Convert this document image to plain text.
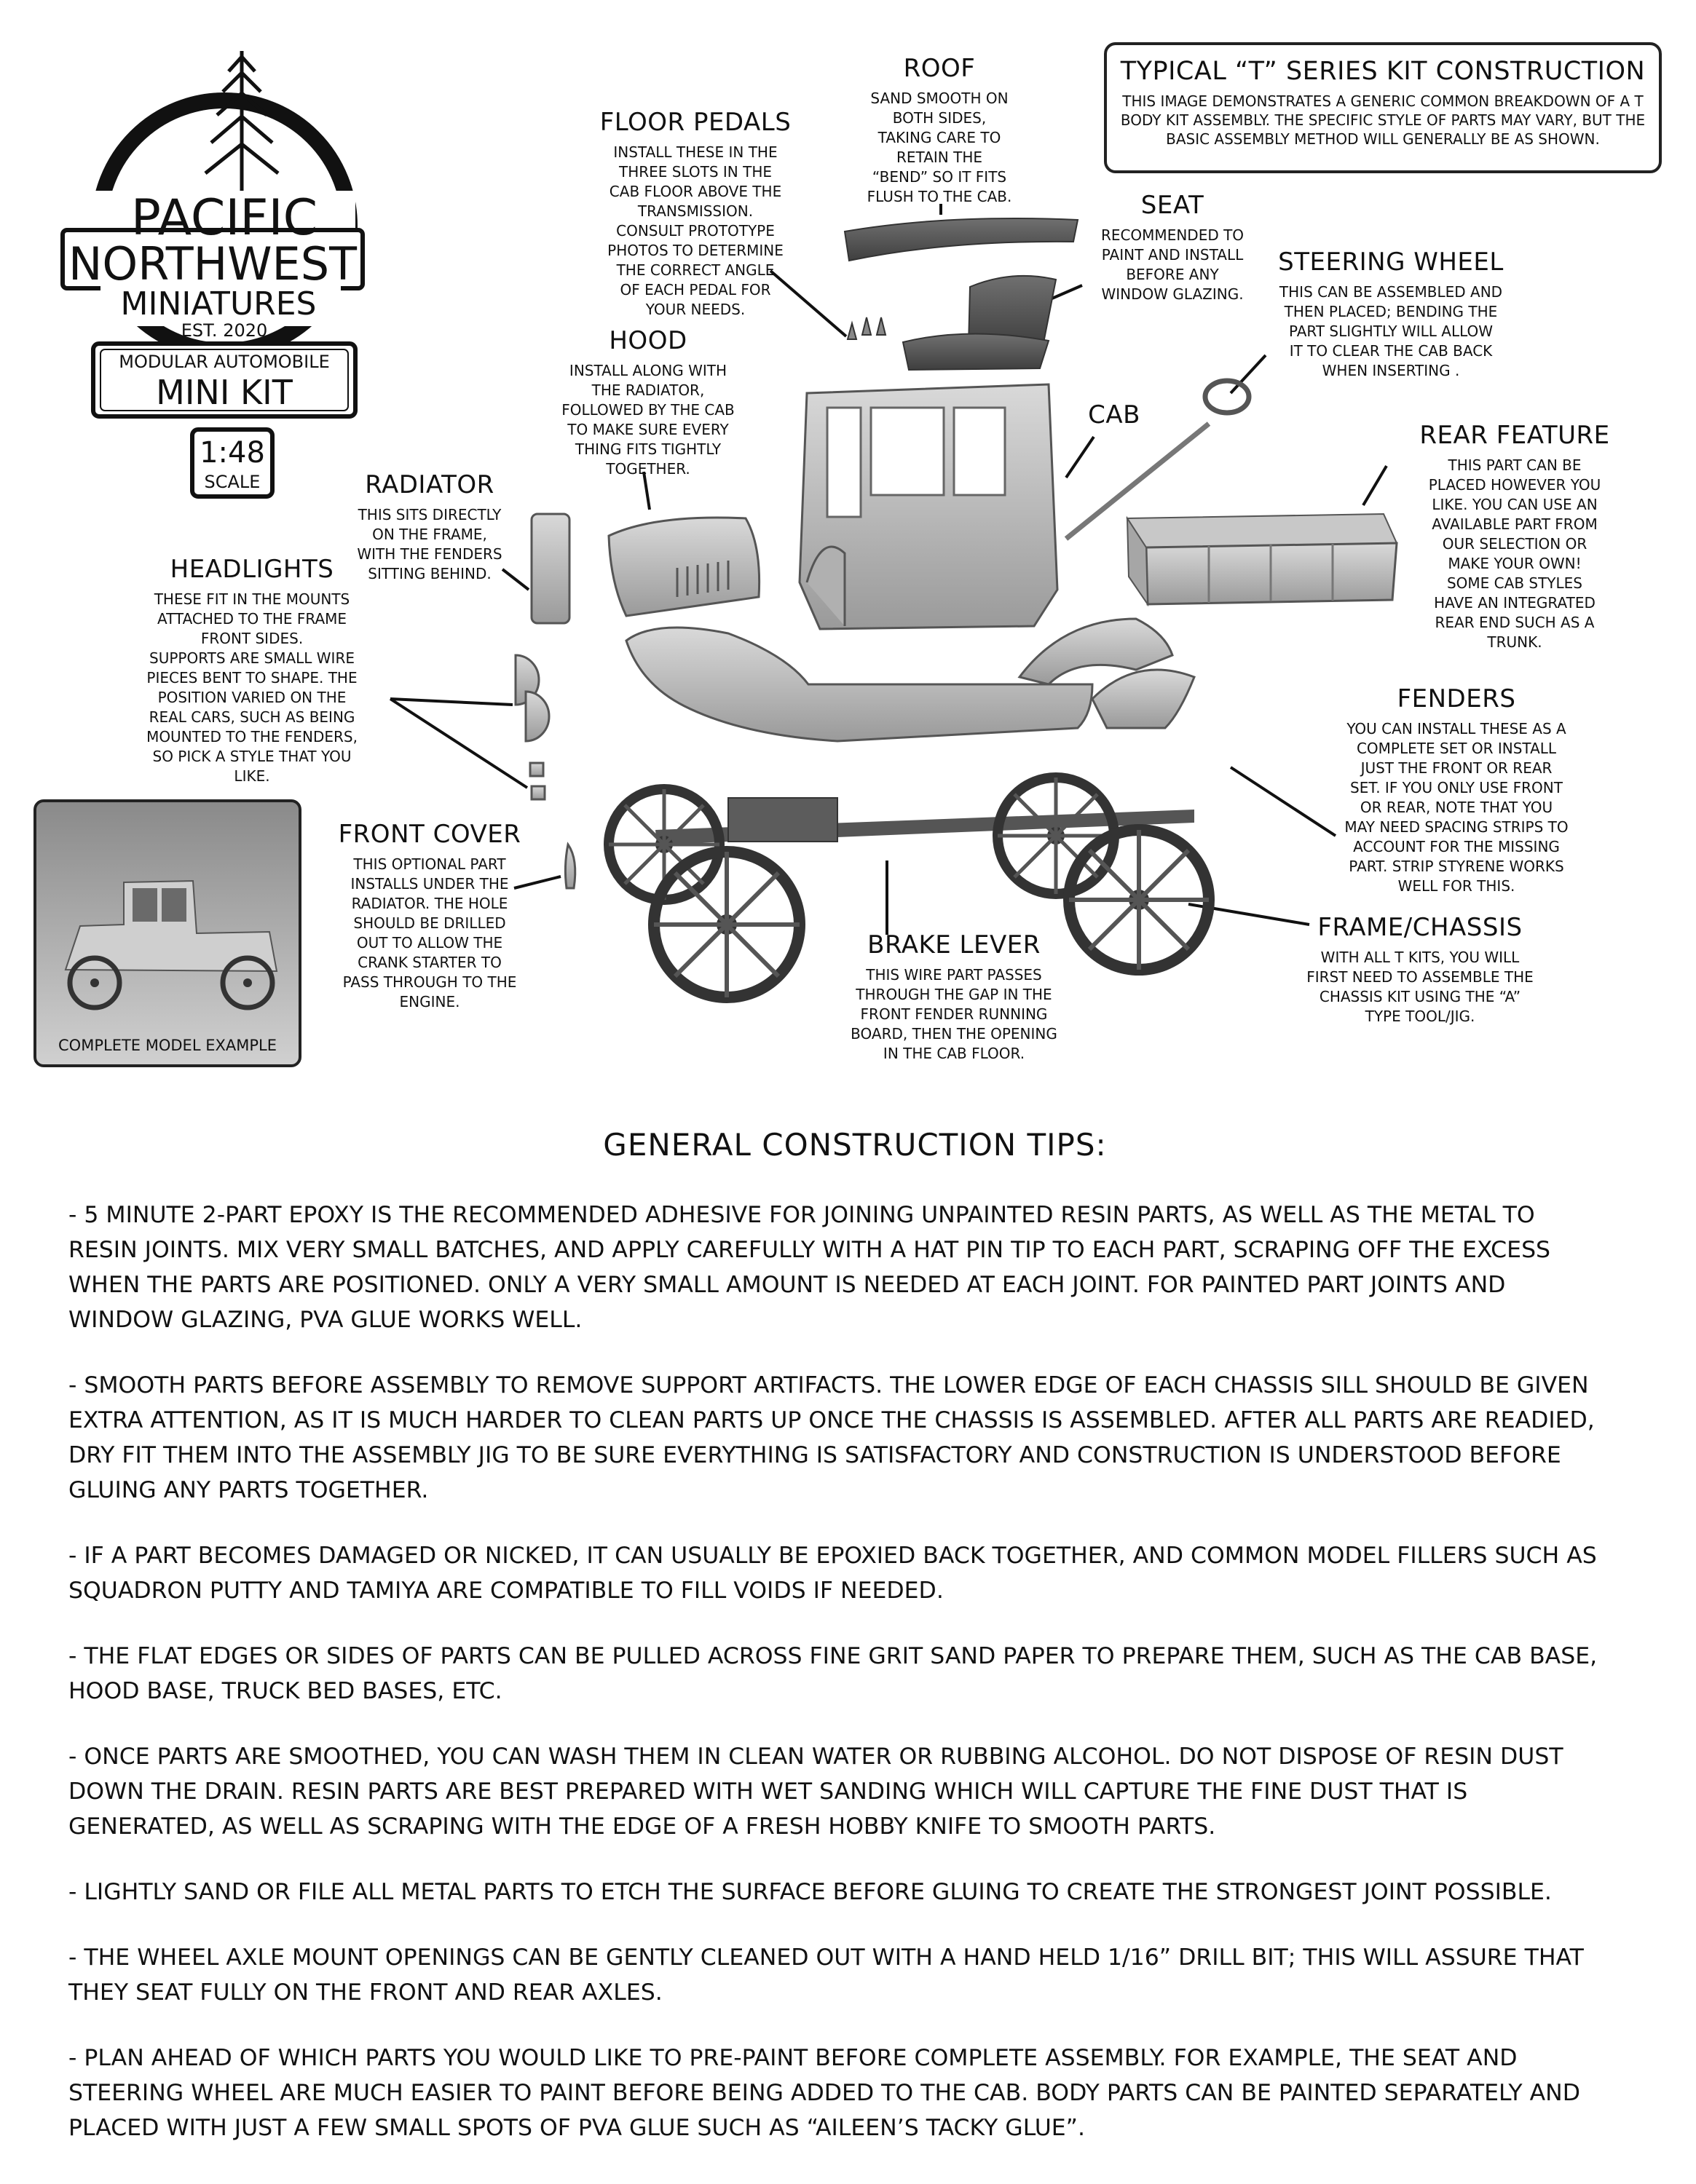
PACIFIC
NORTHWEST
MINIATURES
EST. 2020
MODULAR AUTOMOBILE
MINI KIT
1:48
SCALE
TYPICAL “T” SERIES KIT CONSTRUCTION

THIS IMAGE DEMONSTRATES A GENERIC COMMON BREAKDOWN OF A T
BODY KIT ASSEMBLY. THE SPECIFIC STYLE OF PARTS MAY VARY, BUT THE
BASIC ASSEMBLY METHOD WILL GENERALLY BE AS SHOWN.

COMPLETE MODEL EXAMPLE
ROOF

SAND SMOOTH ON
BOTH SIDES,
TAKING CARE TO
RETAIN THE
“BEND” SO IT FITS
FLUSH TO THE CAB.

FLOOR PEDALS

INSTALL THESE IN THE
THREE SLOTS IN THE
CAB FLOOR ABOVE THE
TRANSMISSION.
CONSULT PROTOTYPE
PHOTOS TO DETERMINE
THE CORRECT ANGLE
OF EACH PEDAL FOR
YOUR NEEDS.

SEAT

RECOMMENDED TO
PAINT AND INSTALL
BEFORE ANY
WINDOW GLAZING.

STEERING WHEEL

THIS CAN BE ASSEMBLED AND
THEN PLACED; BENDING THE
PART SLIGHTLY WILL ALLOW
IT TO CLEAR THE CAB BACK
WHEN INSERTING .

HOOD

INSTALL ALONG WITH
THE RADIATOR,
FOLLOWED BY THE CAB
TO MAKE SURE EVERY
THING FITS TIGHTLY
TOGETHER.

CAB
REAR FEATURE

THIS PART CAN BE
PLACED HOWEVER YOU
LIKE. YOU CAN USE AN
AVAILABLE PART FROM
OUR SELECTION OR
MAKE YOUR OWN!
SOME CAB STYLES
HAVE AN INTEGRATED
REAR END SUCH AS A
TRUNK.

RADIATOR

THIS SITS DIRECTLY
ON THE FRAME,
WITH THE FENDERS
SITTING BEHIND.

HEADLIGHTS

THESE FIT IN THE MOUNTS
ATTACHED TO THE FRAME
FRONT SIDES.
SUPPORTS ARE SMALL WIRE
PIECES BENT TO SHAPE. THE
POSITION VARIED ON THE
REAL CARS, SUCH AS BEING
MOUNTED TO THE FENDERS,
SO PICK A STYLE THAT YOU
LIKE.

FENDERS

YOU CAN INSTALL THESE AS A
COMPLETE SET OR INSTALL
JUST THE FRONT OR REAR
SET. IF YOU ONLY USE FRONT
OR REAR, NOTE THAT YOU
MAY NEED SPACING STRIPS TO
ACCOUNT FOR THE MISSING
PART. STRIP STYRENE WORKS
WELL FOR THIS.

FRONT COVER

THIS OPTIONAL PART
INSTALLS UNDER THE
RADIATOR. THE HOLE
SHOULD BE DRILLED
OUT TO ALLOW THE
CRANK STARTER TO
PASS THROUGH TO THE
ENGINE.

BRAKE LEVER

THIS WIRE PART PASSES
THROUGH THE GAP IN THE
FRONT FENDER RUNNING
BOARD, THEN THE OPENING
IN THE CAB FLOOR.

FRAME/CHASSIS

WITH ALL T KITS, YOU WILL
FIRST NEED TO ASSEMBLE THE
CHASSIS KIT USING THE “A”
TYPE TOOL/JIG.

GENERAL CONSTRUCTION TIPS:

- 5 MINUTE 2-PART EPOXY IS THE RECOMMENDED ADHESIVE FOR JOINING UNPAINTED RESIN PARTS, AS WELL AS THE METAL TO
RESIN JOINTS. MIX VERY SMALL BATCHES, AND APPLY CAREFULLY WITH A HAT PIN TIP TO EACH PART, SCRAPING OFF THE EXCESS
WHEN THE PARTS ARE POSITIONED. ONLY A VERY SMALL AMOUNT IS NEEDED AT EACH JOINT. FOR PAINTED PART JOINTS AND
WINDOW GLAZING, PVA GLUE WORKS WELL.

- SMOOTH PARTS BEFORE ASSEMBLY TO REMOVE SUPPORT ARTIFACTS. THE LOWER EDGE OF EACH CHASSIS SILL SHOULD BE GIVEN
EXTRA ATTENTION, AS IT IS MUCH HARDER TO CLEAN PARTS UP ONCE THE CHASSIS IS ASSEMBLED. AFTER ALL PARTS ARE READIED,
DRY FIT THEM INTO THE ASSEMBLY JIG TO BE SURE EVERYTHING IS SATISFACTORY AND CONSTRUCTION IS UNDERSTOOD BEFORE
GLUING ANY PARTS TOGETHER.

- IF A PART BECOMES DAMAGED OR NICKED, IT CAN USUALLY BE EPOXIED BACK TOGETHER, AND COMMON MODEL FILLERS SUCH AS
SQUADRON PUTTY AND TAMIYA ARE COMPATIBLE TO FILL VOIDS IF NEEDED.

- THE FLAT EDGES OR SIDES OF PARTS CAN BE PULLED ACROSS FINE GRIT SAND PAPER TO PREPARE THEM, SUCH AS THE CAB BASE,
HOOD BASE, TRUCK BED BASES, ETC.

- ONCE PARTS ARE SMOOTHED, YOU CAN WASH THEM IN CLEAN WATER OR RUBBING ALCOHOL. DO NOT DISPOSE OF RESIN DUST
DOWN THE DRAIN. RESIN PARTS ARE BEST PREPARED WITH WET SANDING WHICH WILL CAPTURE THE FINE DUST THAT IS
GENERATED, AS WELL AS SCRAPING WITH THE EDGE OF A FRESH HOBBY KNIFE TO SMOOTH PARTS.

- LIGHTLY SAND OR FILE ALL METAL PARTS TO ETCH THE SURFACE BEFORE GLUING TO CREATE THE STRONGEST JOINT POSSIBLE.

- THE WHEEL AXLE MOUNT OPENINGS CAN BE GENTLY CLEANED OUT WITH A HAND HELD 1/16” DRILL BIT; THIS WILL ASSURE THAT
THEY SEAT FULLY ON THE FRONT AND REAR AXLES.

- PLAN AHEAD OF WHICH PARTS YOU WOULD LIKE TO PRE-PAINT BEFORE COMPLETE ASSEMBLY. FOR EXAMPLE, THE SEAT AND
STEERING WHEEL ARE MUCH EASIER TO PAINT BEFORE BEING ADDED TO THE CAB. BODY PARTS CAN BE PAINTED SEPARATELY AND
PLACED WITH JUST A FEW SMALL SPOTS OF PVA GLUE SUCH AS “AILEEN’S TACKY GLUE”.
